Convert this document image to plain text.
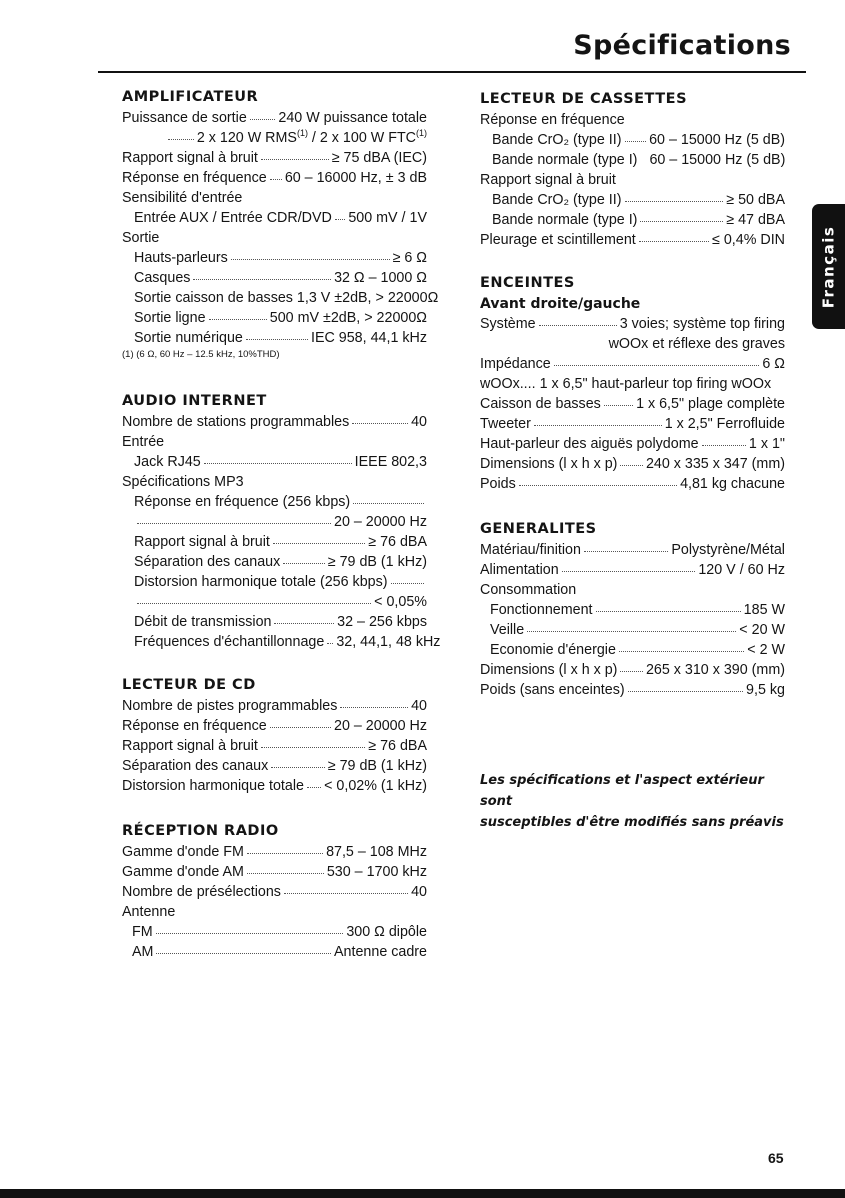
Spécifications
Français
AMPLIFICATEUR
Puissance de sortie 240 W puissance totale
2 x 120 W RMS$^{(1)}$ / 2 x 100 W FTC$^{(1)}$
Rapport signal à bruit	≥ 75 dBA (IEC)
Réponse en fréquence 60 – 16000 Hz, ± 3 dB
Sensibilité d'entrée
Entrée AUX / Entrée CDR/DVD 500 mV / 1V
Sortie
Hauts-parleurs	≥ 6 Ω
Casques	32 Ω – 1000 Ω
Sortie caisson de basses 1,3 V ±2dB, > 22000Ω
Sortie ligne	500 mV ±2dB, > 22000Ω
Sortie numérique	IEC 958, 44,1 kHz
(1) (6 Ω, 60 Hz – 12.5 kHz, 10%THD)
AUDIO INTERNET
Nombre de stations programmables	40
Entrée
Jack RJ45	IEEE 802,3
Spécifications MP3
Réponse en fréquence (256 kbps)
20 – 20000 Hz
Rapport signal à bruit	≥ 76 dBA
Séparation des canaux	≥ 79 dB (1 kHz)
Distorsion harmonique totale (256 kbps)
< 0,05%
Débit de transmission	32 – 256 kbps
Fréquences d'échantillonnage 32, 44,1, 48 kHz
LECTEUR DE CD
Nombre de pistes programmables	40
Réponse en fréquence	20 – 20000 Hz
Rapport signal à bruit	≥ 76 dBA
Séparation des canaux	≥ 79 dB (1 kHz)
Distorsion harmonique totale < 0,02% (1 kHz)
RÉCEPTION RADIO
Gamme d'onde FM	87,5 – 108 MHz
Gamme d'onde AM	530 – 1700 kHz
Nombre de présélections	40
Antenne
FM	300 Ω dipôle
AM	Antenne cadre
LECTEUR DE CASSETTES
Réponse en fréquence
Bande CrO₂ (type II) 60 – 15000 Hz (5 dB)
Bande normale (type I) 60 – 15000 Hz (5 dB)
Rapport signal à bruit
Bande CrO₂ (type II)	≥ 50 dBA
Bande normale (type I)	≥ 47 dBA
Pleurage et scintillement	≤ 0,4% DIN
ENCEINTES
Avant droite/gauche
Système	3 voies; système top firing
wOOx et réflexe des graves
Impédance	6 Ω
wOOx.... 1 x 6,5" haut-parleur top firing wOOx
Caisson de basses 1 x 6,5" plage complète
Tweeter	1 x 2,5" Ferrofluide
Haut-parleur des aiguës polydome	1 x 1"
Dimensions (l x h x p) 240 x 335 x 347 (mm)
Poids	4,81 kg chacune
GENERALITES
Matériau/finition	Polystyrène/Métal
Alimentation	120 V / 60 Hz
Consommation
Fonctionnement	185 W
Veille	< 20 W
Economie d'énergie	< 2 W
Dimensions (l x h x p) 265 x 310 x 390 (mm)
Poids (sans enceintes)	9,5 kg
Les spécifications et l'aspect extérieur sont
susceptibles d'être modifiés sans préavis
65
